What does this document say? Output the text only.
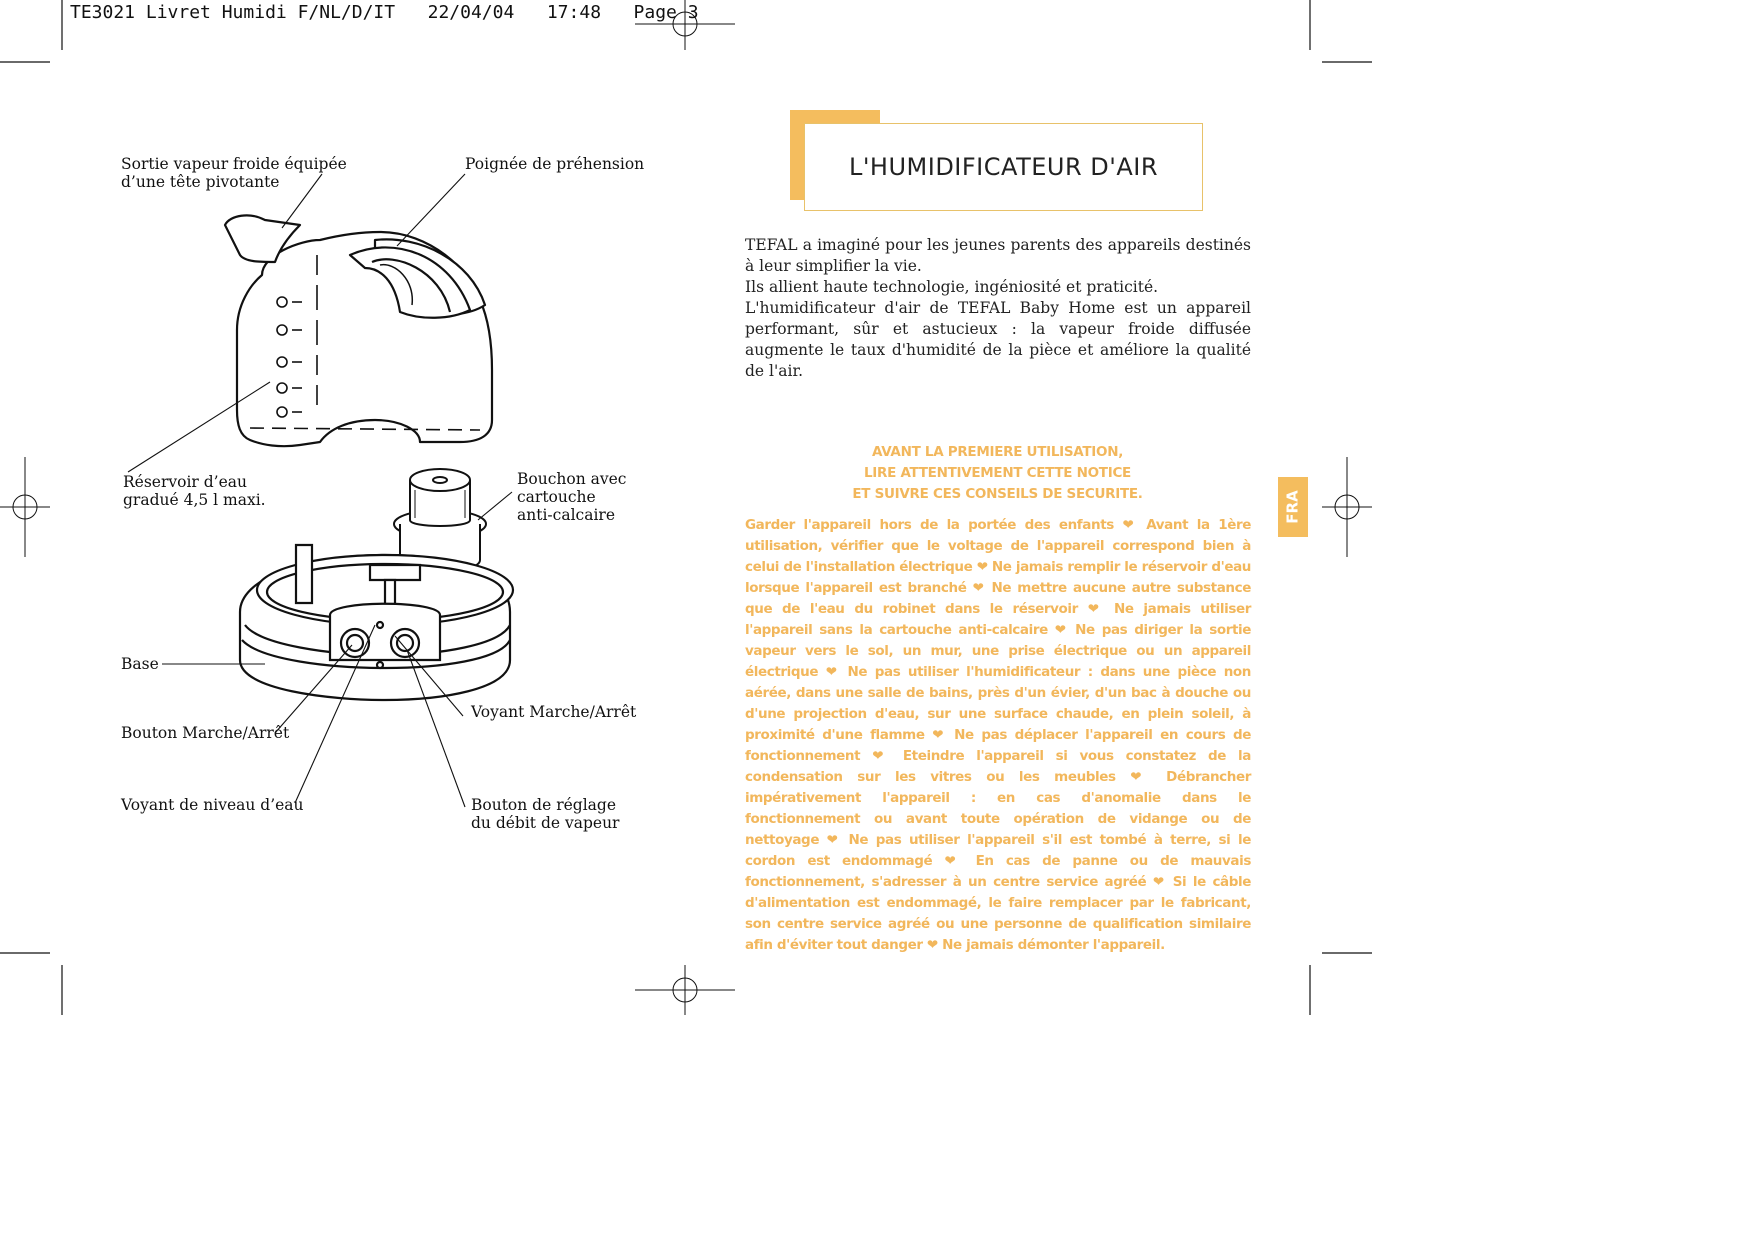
TE3021 Livret Humidi F/NL/D/IT 22/04/04 17:48 Page 3
Sortie vapeur froide équipée
d’une tête pivotante
Poignée de préhension
Réservoir d’eau
gradué 4,5 l maxi.
Bouchon avec
cartouche
anti-calcaire
Base
Bouton Marche/Arrêt
Voyant Marche/Arrêt
Voyant de niveau d’eau	Bouton de réglage
du débit de vapeur
L'HUMIDIFICATEUR D'AIR

TEFAL a imaginé pour les jeunes parents des appareils destinés à leur simplifier la vie.

Ils allient haute technologie, ingéniosité et praticité.

L'humidificateur d'air de TEFAL Baby Home est un appareil performant, sûr et astucieux : la vapeur froide diffusée augmente le taux d'humidité de la pièce et améliore la qualité de l'air.

AVANT LA PREMIERE UTILISATION,
LIRE ATTENTIVEMENT CETTE NOTICE
ET SUIVRE CES CONSEILS DE SECURITE.
Garder l'appareil hors de la portée des enfants ❤ Avant la 1ère utilisation, vérifier que le voltage de l'appareil correspond bien à celui de l'installation électrique ❤ Ne jamais remplir le réservoir d'eau lorsque l'appareil est branché ❤ Ne mettre aucune autre substance que de l'eau du robinet dans le réservoir ❤ Ne jamais utiliser l'appareil sans la cartouche anti-calcaire ❤ Ne pas diriger la sortie vapeur vers le sol, un mur, une prise électrique ou un appareil électrique ❤ Ne pas utiliser l'humidificateur : dans une pièce non aérée, dans une salle de bains, près d'un évier, d'un bac à douche ou d'une projection d'eau, sur une surface chaude, en plein soleil, à proximité d'une flamme ❤ Ne pas déplacer l'appareil en cours de fonctionnement ❤ Eteindre l'appareil si vous constatez de la condensation sur les vitres ou les meubles ❤ Débrancher impérativement l'appareil : en cas d'anomalie dans le fonctionnement ou avant toute opération de vidange ou de nettoyage ❤ Ne pas utiliser l'appareil s'il est tombé à terre, si le cordon est endommagé ❤ En cas de panne ou de mauvais fonctionnement, s'adresser à un centre service agréé ❤ Si le câble d'alimentation est endommagé, le faire remplacer par le fabricant, son centre service agréé ou une personne de qualification similaire afin d'éviter tout danger ❤ Ne jamais démonter l'appareil.
FRA
